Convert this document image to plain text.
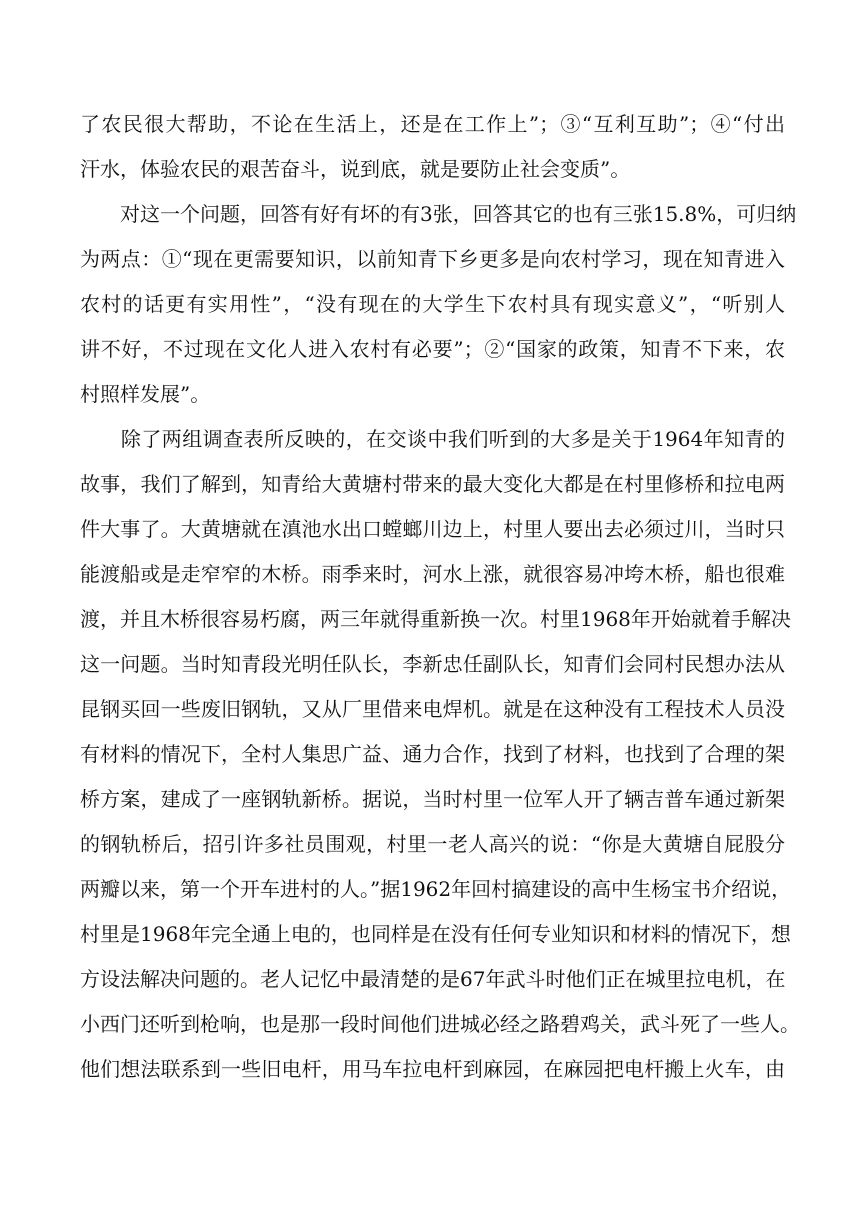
了农民很大帮助，不论在生活上，还是在工作上”；③“互利互助”；④“付出
汗水，体验农民的艰苦奋斗，说到底，就是要防止社会变质”。
　　对这一个问题，回答有好有坏的有3张，回答其它的也有三张15.8%，可归纳
为两点：①“现在更需要知识，以前知青下乡更多是向农村学习，现在知青进入
农村的话更有实用性”，“没有现在的大学生下农村具有现实意义”，“听别人
讲不好，不过现在文化人进入农村有必要”；②“国家的政策，知青不下来，农
村照样发展”。
　　除了两组调查表所反映的，在交谈中我们听到的大多是关于1964年知青的
故事，我们了解到，知青给大黄塘村带来的最大变化大都是在村里修桥和拉电两
件大事了。大黄塘就在滇池水出口螳螂川边上，村里人要出去必须过川，当时只
能渡船或是走窄窄的木桥。雨季来时，河水上涨，就很容易冲垮木桥，船也很难
渡，并且木桥很容易朽腐，两三年就得重新换一次。村里1968年开始就着手解决
这一问题。当时知青段光明任队长，李新忠任副队长，知青们会同村民想办法从
昆钢买回一些废旧钢轨，又从厂里借来电焊机。就是在这种没有工程技术人员没
有材料的情况下，全村人集思广益、通力合作，找到了材料，也找到了合理的架
桥方案，建成了一座钢轨新桥。据说，当时村里一位军人开了辆吉普车通过新架
的钢轨桥后，招引许多社员围观，村里一老人高兴的说：“你是大黄塘自屁股分
两瓣以来，第一个开车进村的人。”据1962年回村搞建设的高中生杨宝书介绍说，
村里是1968年完全通上电的，也同样是在没有任何专业知识和材料的情况下，想
方设法解决问题的。老人记忆中最清楚的是67年武斗时他们正在城里拉电机，在
小西门还听到枪响，也是那一段时间他们进城必经之路碧鸡关，武斗死了一些人。
他们想法联系到一些旧电杆，用马车拉电杆到麻园，在麻园把电杆搬上火车，由
